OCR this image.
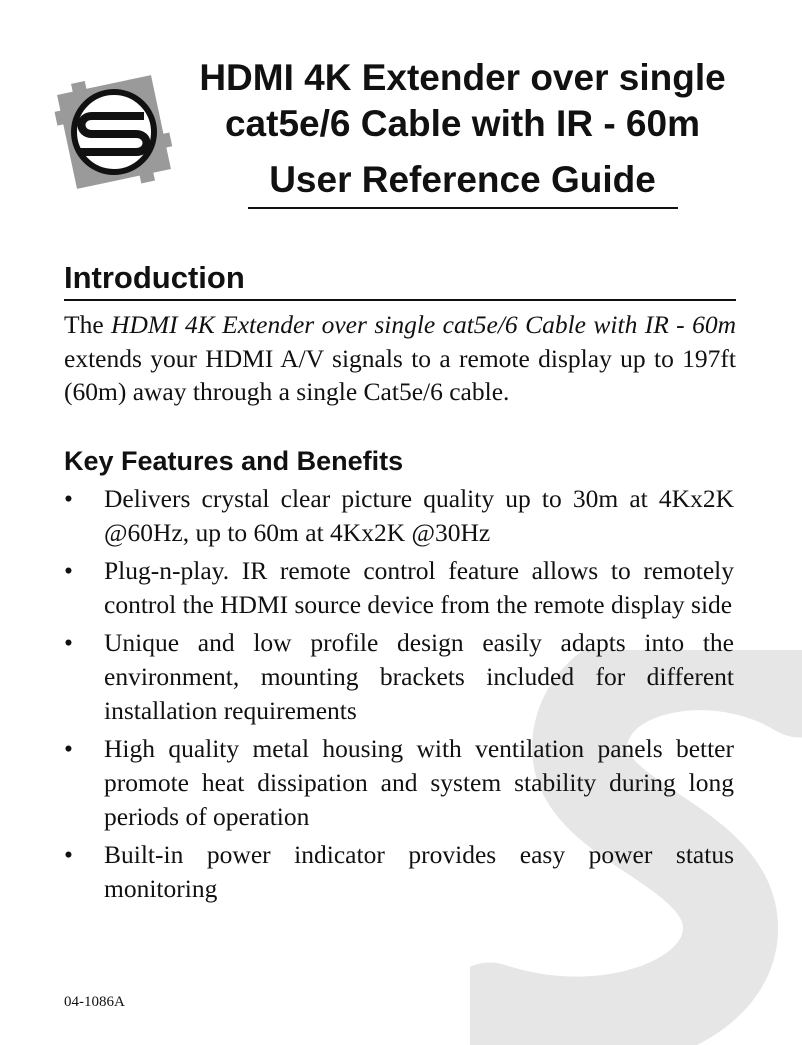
HDMI 4K Extender over single
cat5e/6 Cable with IR - 60m
User Reference Guide
Introduction

The HDMI 4K Extender over single cat5e/6 Cable with IR - 60m extends your HDMI A/V signals to a remote display up to 197ft (60m) away through a single Cat5e/6 cable.

Key Features and Benefits
•	Delivers crystal clear picture quality up to 30m at 4Kx2K @60Hz, up to 60m at 4Kx2K @30Hz
•	Plug-n-play. IR remote control feature allows to remotely control the HDMI source device from the remote display side
•	Unique and low profile design easily adapts into the environment, mounting brackets included for different installation requirements
•	High quality metal housing with ventilation panels better promote heat dissipation and system stability during long periods of operation
•	Built-in power indicator provides easy power status monitoring
04-1086A
